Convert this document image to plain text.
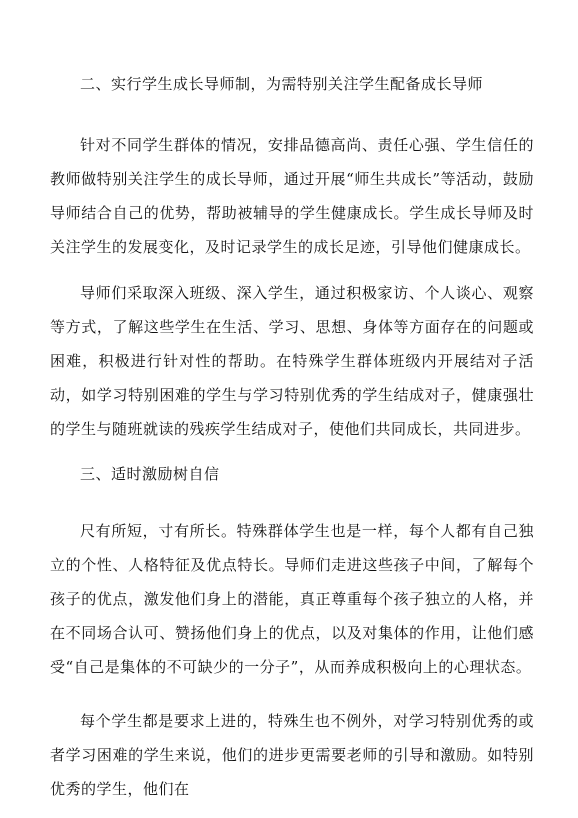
二、实行学生成长导师制，为需特别关注学生配备成长导师

针对不同学生群体的情况，安排品德高尚、责任心强、学生信任的教师做特别关注学生的成长导师，通过开展“师生共成长”等活动，鼓励导师结合自己的优势，帮助被辅导的学生健康成长。学生成长导师及时关注学生的发展变化，及时记录学生的成长足迹，引导他们健康成长。

导师们采取深入班级、深入学生，通过积极家访、个人谈心、观察等方式，了解这些学生在生活、学习、思想、身体等方面存在的问题或困难，积极进行针对性的帮助。在特殊学生群体班级内开展结对子活动，如学习特别困难的学生与学习特别优秀的学生结成对子，健康强壮的学生与随班就读的残疾学生结成对子，使他们共同成长，共同进步。

三、适时激励树自信

尺有所短，寸有所长。特殊群体学生也是一样，每个人都有自己独立的个性、人格特征及优点特长。导师们走进这些孩子中间，了解每个孩子的优点，激发他们身上的潜能，真正尊重每个孩子独立的人格，并在不同场合认可、赞扬他们身上的优点，以及对集体的作用，让他们感受“自己是集体的不可缺少的一分子”，从而养成积极向上的心理状态。

每个学生都是要求上进的，特殊生也不例外，对学习特别优秀的或者学习困难的学生来说，他们的进步更需要老师的引导和激励。如特别优秀的学生，他们在
